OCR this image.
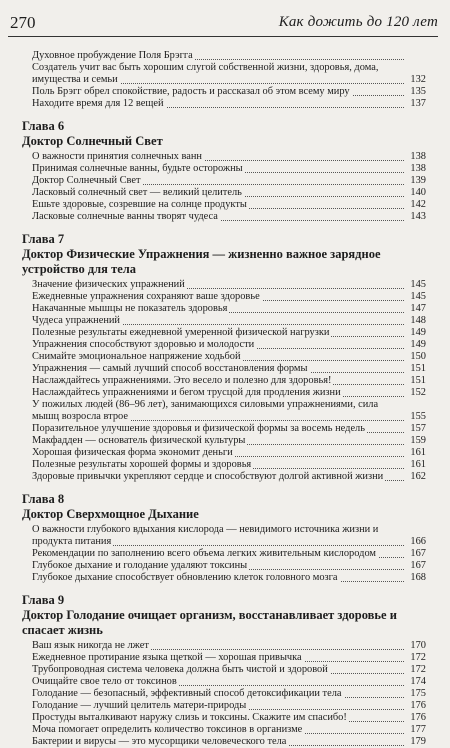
270	Как дожить до 120 лет
Духовное пробуждение Поля Брэгга
Создатель учит вас быть хорошим слугой собственной жизни, здоровья, дома, имущества и семьи	132
Поль Брэгг обрел спокойствие, радость и рассказал об этом всему миру	135
Находите время для 12 вещей	137
Глава 6
Доктор Солнечный Свет
О важности принятия солнечных ванн	138
Принимая солнечные ванны, будьте осторожны	138
Доктор Солнечный Свет	139
Ласковый солнечный свет — великий целитель	140
Ешьте здоровые, созревшие на солнце продукты	142
Ласковые солнечные ванны творят чудеса	143
Глава 7
Доктор Физические Упражнения — жизненно важное зарядное устройство для тела
Значение физических упражнений	145
Ежедневные упражнения сохраняют ваше здоровье	145
Накачанные мышцы не показатель здоровья	147
Чудеса упражнений	148
Полезные результаты ежедневной умеренной физической нагрузки	149
Упражнения способствуют здоровью и молодости	149
Снимайте эмоциональное напряжение ходьбой	150
Упражнения — самый лучший способ восстановления формы	151
Наслаждайтесь упражнениями. Это весело и полезно для здоровья!	151
Наслаждайтесь упражнениями и бегом трусцой для продления жизни	152
У пожилых людей (86–96 лет), занимающихся силовыми упражнениями, сила мышц возросла втрое	155
Поразительное улучшение здоровья и физической формы за восемь недель	157
Макфадден — основатель физической культуры	159
Хорошая физическая форма экономит деньги	161
Полезные результаты хорошей формы и здоровья	161
Здоровые привычки укрепляют сердце и способствуют долгой активной жизни	162
Глава 8
Доктор Сверхмощное Дыхание
О важности глубокого вдыхания кислорода — невидимого источника жизни и продукта питания	166
Рекомендации по заполнению всего объема легких живительным кислородом	167
Глубокое дыхание и голодание удаляют токсины	167
Глубокое дыхание способствует обновлению клеток головного мозга	168
Глава 9
Доктор Голодание очищает организм, восстанавливает здоровье и спасает жизнь
Ваш язык никогда не лжет	170
Ежедневное протирание языка щеткой — хорошая привычка	172
Трубопроводная система человека должна быть чистой и здоровой	172
Очищайте свое тело от токсинов	174
Голодание — безопасный, эффективный способ детоксификации тела	175
Голодание — лучший целитель матери-природы	176
Простуды выталкивают наружу слизь и токсины. Скажите им спасибо!	176
Моча помогает определить количество токсинов в организме	177
Бактерии и вирусы — это мусорщики человеческого тела	179
